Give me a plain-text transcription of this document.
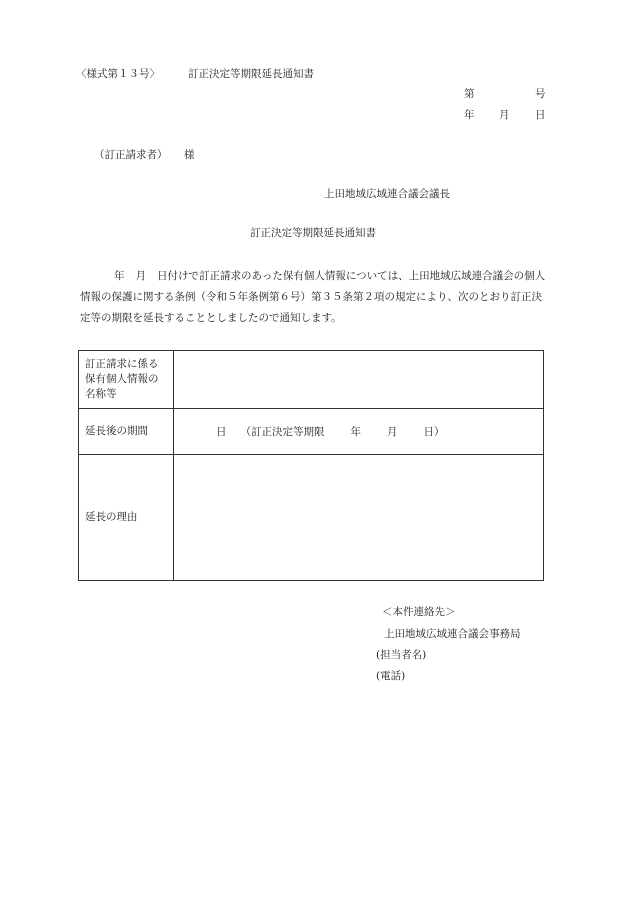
〈様式第１３号〉	訂正決定等期限延長通知書
第	号
年 月 日
（訂正請求者） 様
上田地域広域連合議会議長
訂正決定等期限延長通知書
年 月 日付けで訂正請求のあった保有個人情報については、上田地域広域連合議会の個人情報の保護に関する条例（令和５年条例第６号）第３５条第２項の規定により、次のとおり訂正決定等の期限を延長することとしましたので通知します。
訂正請求に係る保有個人情報の名称等	
延長後の期間	日 （訂正決定等期限 年 月 日）
延長の理由	
＜本件連絡先＞
上田地域広域連合議会事務局
(担当者名)
(電話)
